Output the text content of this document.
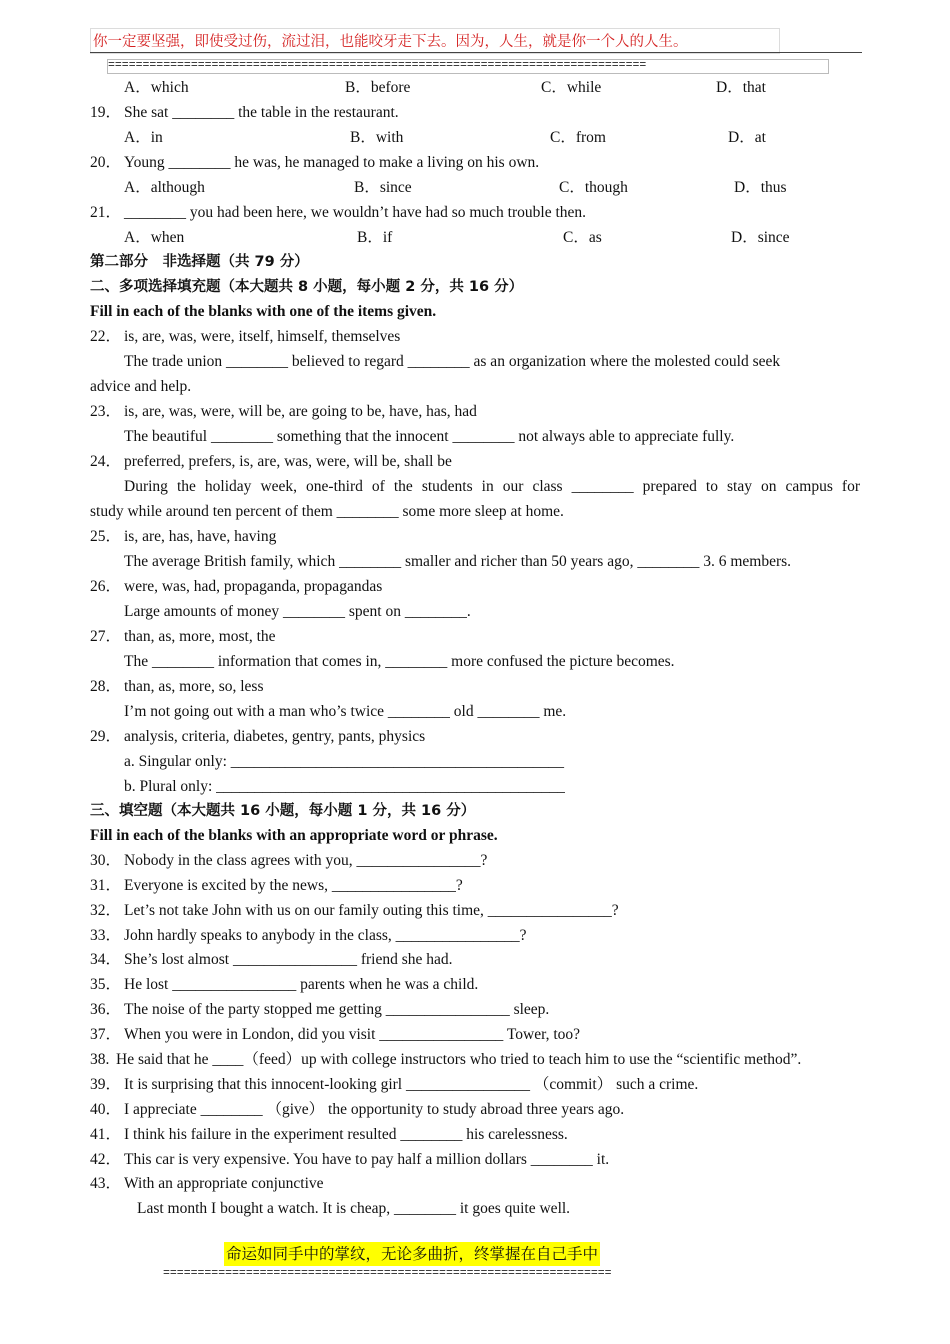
你一定要坚强，即使受过伤，流过泪，也能咬牙走下去。因为，人生，就是你一个人的人生。
==============================================================================
A．which	B．before	C．while	D．that
19． She sat ________ the table in the restaurant.
A．in	B．with	C．from	D．at
20． Young ________ he was, he managed to make a living on his own.
A．although	B．since	C．though	D．thus
21． ________ you had been here, we wouldn’t have had so much trouble then.
A．when	B．if	C．as	D．since
第二部分　非选择题（共 79 分）
二、多项选择填充题（本大题共 8 小题，每小题 2 分，共 16 分）
Fill in each of the blanks with one of the items given.
22． is, are, was, were, itself, himself, themselves
The trade union ________ believed to regard ________ as an organization where the molested could seek
advice and help.
23． is, are, was, were, will be, are going to be, have, has, had
The beautiful ________ something that the innocent ________ not always able to appreciate fully.
24． preferred, prefers, is, are, was, were, will be, shall be
During the holiday week, one-third of the students in our class ________ prepared to stay on campus for
study while around ten percent of them ________ some more sleep at home.
25． is, are, has, have, having
The average British family, which ________ smaller and richer than 50 years ago, ________ 3. 6 members.
26． were, was, had, propaganda, propagandas
Large amounts of money ________ spent on ________.
27． than, as, more, most, the
The ________ information that comes in, ________ more confused the picture becomes.
28． than, as, more, so, less
I’m not going out with a man who’s twice ________ old ________ me.
29． analysis, criteria, diabetes, gentry, pants, physics
a. Singular only: ___________________________________________
b. Plural only: _____________________________________________
三、填空题（本大题共 16 小题，每小题 1 分，共 16 分）
Fill in each of the blanks with an appropriate word or phrase.
30． Nobody in the class agrees with you, ________________?
31． Everyone is excited by the news, ________________?
32． Let’s not take John with us on our family outing this time, ________________?
33． John hardly speaks to anybody in the class, ________________?
34． She’s lost almost ________________ friend she had.
35． He lost ________________ parents when he was a child.
36． The noise of the party stopped me getting ________________ sleep.
37． When you were in London, did you visit ________________ Tower, too?
38. He said that he ____（feed）up with college instructors who tried to teach him to use the “scientific method”.
39． It is surprising that this innocent-looking girl ________________ （commit） such a crime.
40． I appreciate ________ （give） the opportunity to study abroad three years ago.
41． I think his failure in the experiment resulted ________ his carelessness.
42． This car is very expensive. You have to pay half a million dollars ________ it.
43． With an appropriate conjunctive
Last month I bought a watch. It is cheap, ________ it goes quite well.
命运如同手中的掌纹，无论多曲折，终掌握在自己手中
=================================================================
